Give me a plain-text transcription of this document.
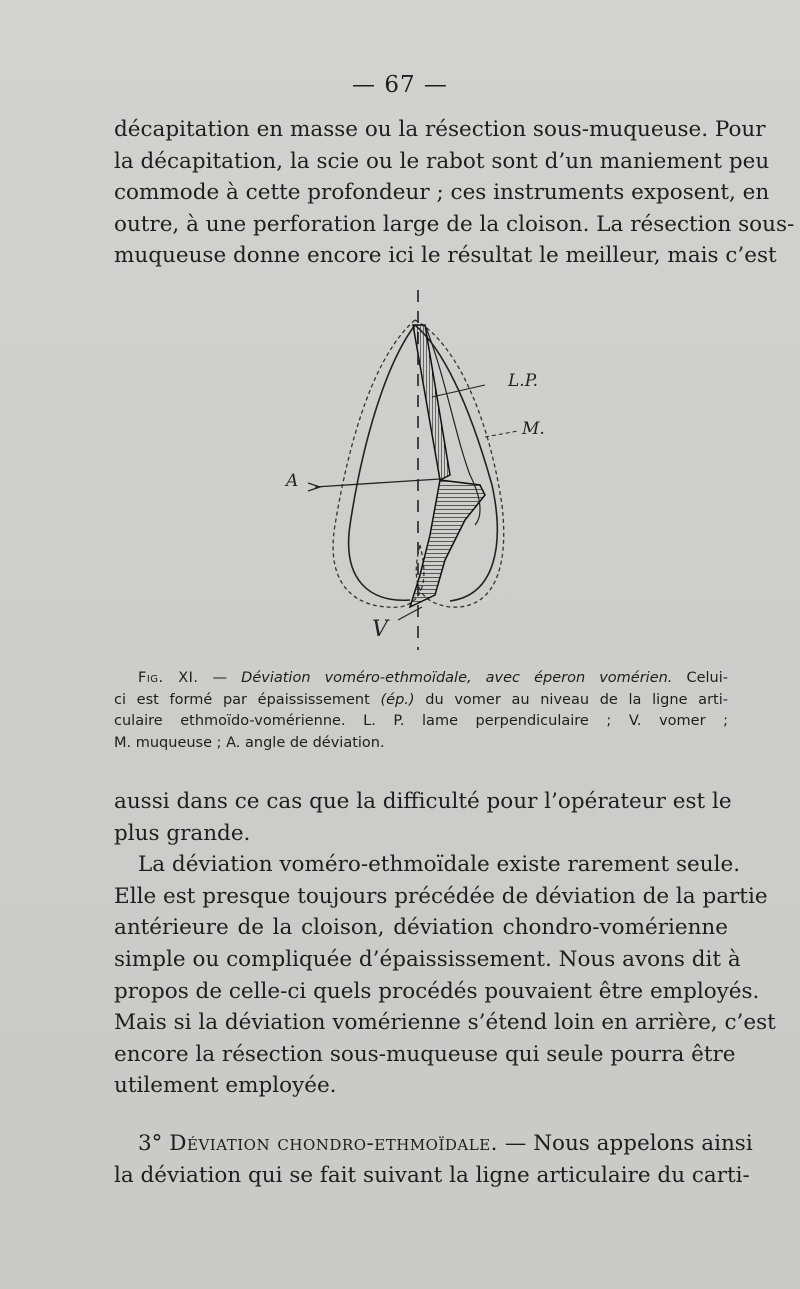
— 67 —
décapitation en masse ou la résection sous-muqueuse. Pour
la décapitation, la scie ou le rabot sont d’un maniement peu
commode à cette profondeur ; ces instruments exposent, en
outre, à une perforation large de la cloison. La résection sous-
muqueuse donne encore ici le résultat le meilleur, mais c’est
L.P.
M.
A
V
Fig. XI. — Déviation voméro-ethmoïdale, avec éperon vomérien. Celui-
ci est formé par épaississement (ép.) du vomer au niveau de la ligne arti-
culaire ethmoïdo-vomérienne. L. P. lame perpendiculaire ; V. vomer ;
M. muqueuse ; A. angle de déviation.
aussi dans ce cas que la difficulté pour l’opérateur est le
plus grande.
La déviation voméro-ethmoïdale existe rarement seule.
Elle est presque toujours précédée de déviation de la partie
antérieure de la cloison, déviation chondro-vomérienne
simple ou compliquée d’épaississement. Nous avons dit à
propos de celle-ci quels procédés pouvaient être employés.
Mais si la déviation vomérienne s’étend loin en arrière, c’est
encore la résection sous-muqueuse qui seule pourra être
utilement employée.
3° Déviation chondro-ethmoïdale. — Nous appelons ainsi
la déviation qui se fait suivant la ligne articulaire du carti-
